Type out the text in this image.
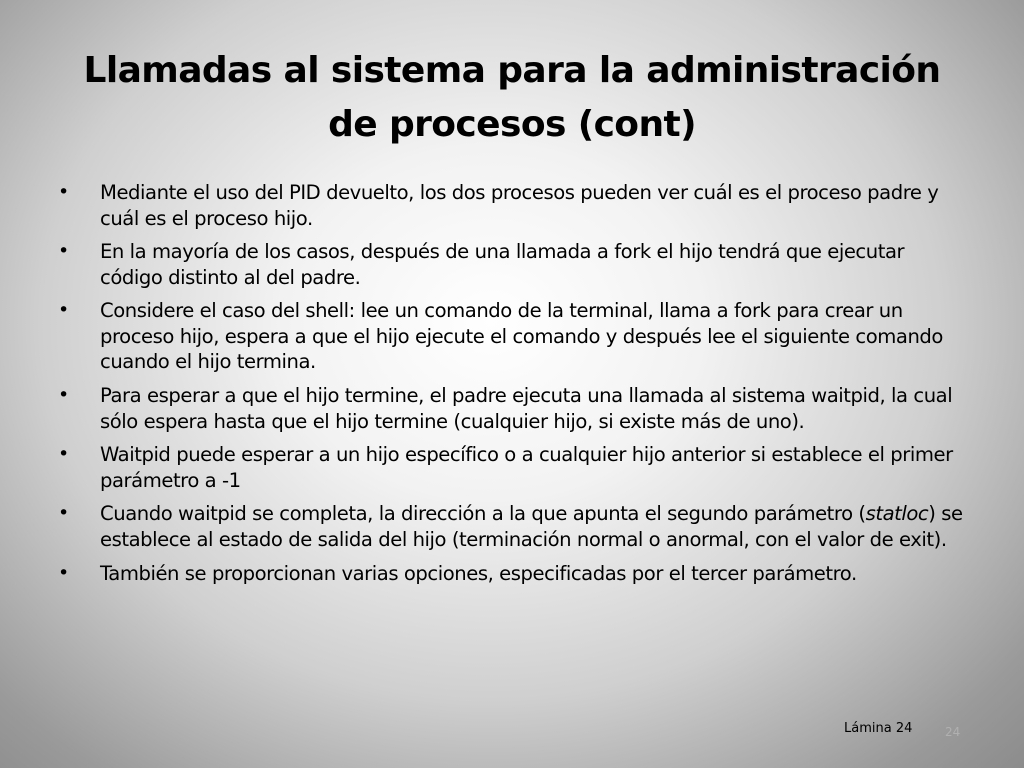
Llamadas al sistema para la administración de procesos (cont)
•	Mediante el uso del PID devuelto, los dos procesos pueden ver cuál es el proceso padre y cuál es el proceso hijo.
•	En la mayoría de los casos, después de una llamada a fork el hijo tendrá que ejecutar código distinto al del padre.
•	Considere el caso del shell: lee un comando de la terminal, llama a fork para crear un proceso hijo, espera a que el hijo ejecute el comando y después lee el siguiente comando cuando el hijo termina.
•	Para esperar a que el hijo termine, el padre ejecuta una llamada al sistema waitpid, la cual sólo espera hasta que el hijo termine (cualquier hijo, si existe más de uno).
•	Waitpid puede esperar a un hijo específico o a cualquier hijo anterior si establece el primer parámetro a -1
•	Cuando waitpid se completa, la dirección a la que apunta el segundo parámetro (statloc) se establece al estado de salida del hijo (terminación normal o anormal, con el valor de exit).
•	También se proporcionan varias opciones, especificadas por el tercer parámetro.
Lámina 24	24
